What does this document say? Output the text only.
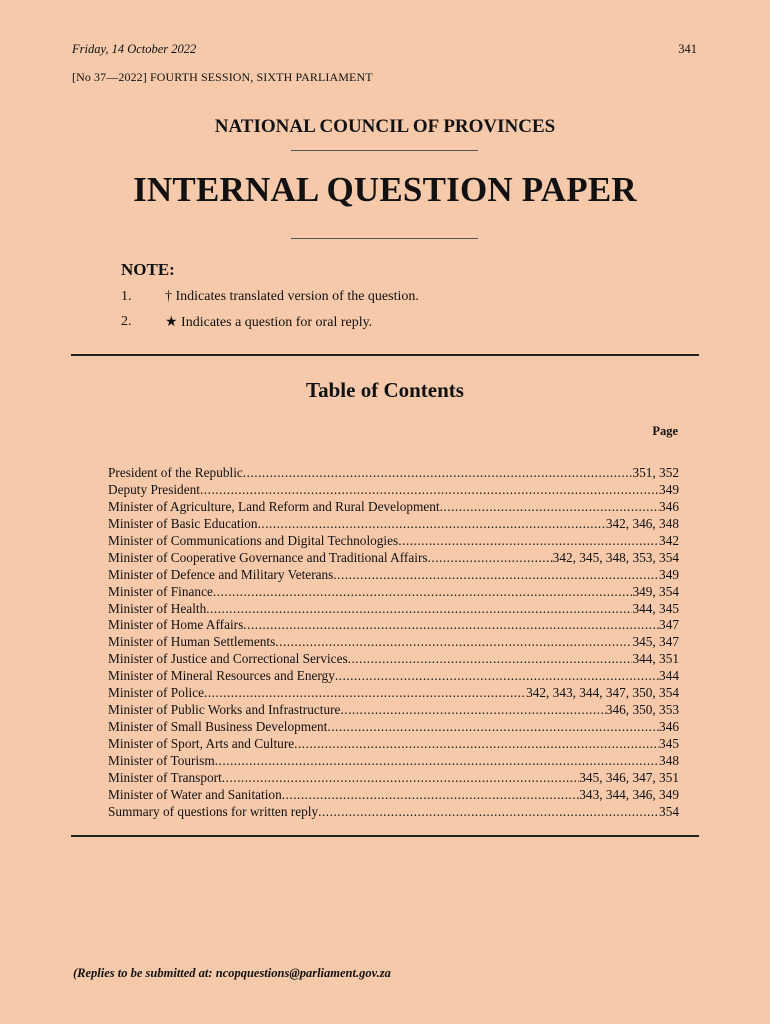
Friday, 14 October 2022	341
[No 37—2022] FOURTH SESSION, SIXTH PARLIAMENT
NATIONAL COUNCIL OF PROVINCES
INTERNAL QUESTION PAPER
NOTE:
1.	† Indicates translated version of the question.
2.	★ Indicates a question for oral reply.
Table of Contents
Page
President of the Republic .....	351, 352
Deputy President .....	349
Minister of Agriculture, Land Reform and Rural Development .....	346
Minister of Basic Education .....	342, 346, 348
Minister of Communications and Digital Technologies .....	342
Minister of Cooperative Governance and Traditional Affairs .....	342, 345, 348, 353, 354
Minister of Defence and Military Veterans .....	349
Minister of Finance .....	349, 354
Minister of Health .....	344, 345
Minister of Home Affairs .....	347
Minister of Human Settlements .....	345, 347
Minister of Justice and Correctional Services .....	344, 351
Minister of Mineral Resources and Energy .....	344
Minister of Police .....	342, 343, 344, 347, 350, 354
Minister of Public Works and Infrastructure .....	346, 350, 353
Minister of Small Business Development .....	346
Minister of Sport, Arts and Culture .....	345
Minister of Tourism .....	348
Minister of Transport .....	345, 346, 347, 351
Minister of Water and Sanitation .....	343, 344, 346, 349
Summary of questions for written reply .....	354
(Replies to be submitted at: ncopquestions@parliament.gov.za
